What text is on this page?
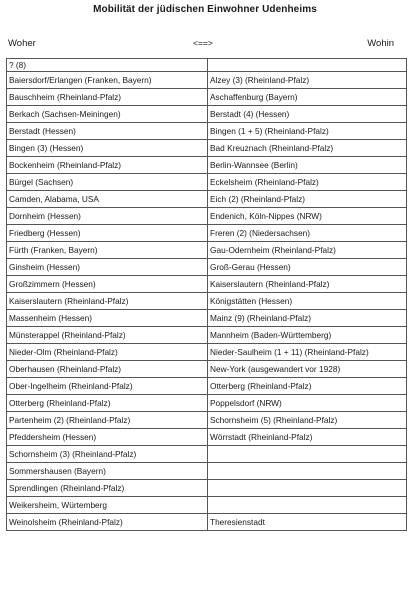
Mobilität der jüdischen Einwohner Udenheims
Woher	<==>	Wohin
? (8)	
Baiersdorf/Erlangen (Franken, Bayern)	Alzey (3) (Rheinland-Pfalz)
Bauschheim (Rheinland-Pfalz)	Aschaffenburg (Bayern)
Berkach (Sachsen-Meiningen)	Berstadt (4) (Hessen)
Berstadt (Hessen)	Bingen (1 + 5) (Rheinland-Pfalz)
Bingen (3) (Hessen)	Bad Kreuznach (Rheinland-Pfalz)
Bockenheim (Rheinland-Pfalz)	Berlin-Wannsee (Berlin)
Bürgel (Sachsen)	Eckelsheim (Rheinland-Pfalz)
Camden, Alabama, USA	Eich (2) (Rheinland-Pfalz)
Dornheim (Hessen)	Endenich, Köln-Nippes (NRW)
Friedberg (Hessen)	Freren (2) (Niedersachsen)
Fürth (Franken, Bayern)	Gau-Odernheim (Rheinland-Pfalz)
Ginsheim (Hessen)	Groß-Gerau (Hessen)
Großzimmern (Hessen)	Kaiserslautern (Rheinland-Pfalz)
Kaiserslautern (Rheinland-Pfalz)	Königstätten (Hessen)
Massenheim (Hessen)	Mainz (9) (Rheinland-Pfalz)
Münsterappel (Rheinland-Pfalz)	Mannheim (Baden-Württemberg)
Nieder-Olm (Rheinland-Pfalz)	Nieder-Saulheim (1 + 11) (Rheinland-Pfalz)
Oberhausen (Rheinland-Pfalz)	New-York (ausgewandert vor 1928)
Ober-Ingelheim (Rheinland-Pfalz)	Otterberg (Rheinland-Pfalz)
Otterberg (Rheinland-Pfalz)	Poppelsdorf (NRW)
Partenheim (2) (Rheinland-Pfalz)	Schornsheim (5) (Rheinland-Pfalz)
Pfeddersheim (Hessen)	Wörrstadt (Rheinland-Pfalz)
Schornsheim (3) (Rheinland-Pfalz)	
Sommershausen (Bayern)	
Sprendlingen (Rheinland-Pfalz)	
Weikersheim, Würtemberg	
Weinolsheim (Rheinland-Pfalz)	Theresienstadt
